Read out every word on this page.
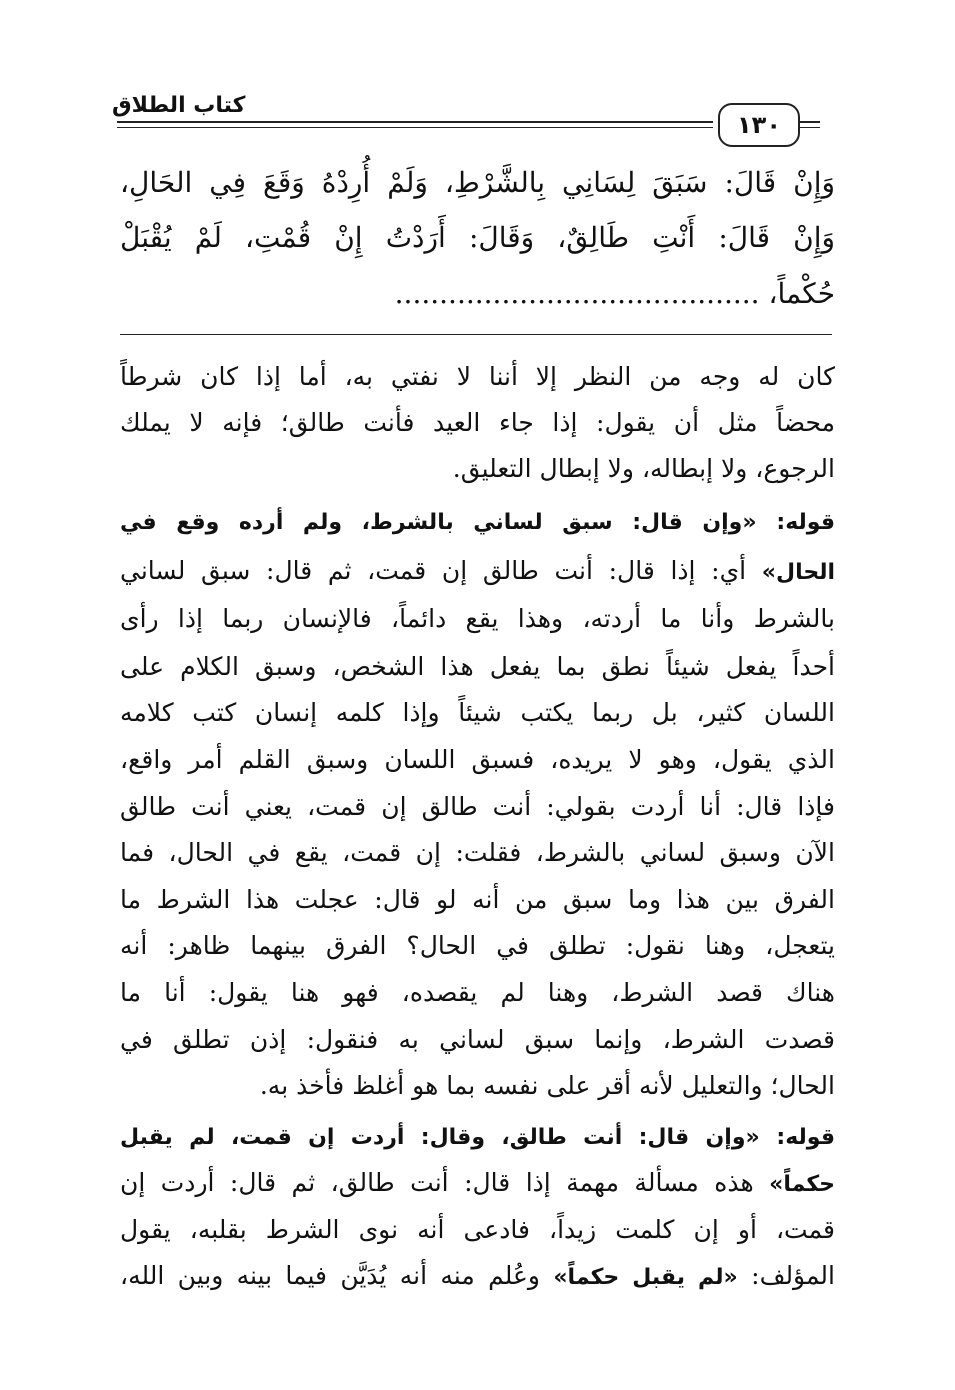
١٣٠
كتاب الطلاق
وَإِنْ قَالَ: سَبَقَ لِسَانِي بِالشَّرْطِ، وَلَمْ أُرِدْهُ وَقَعَ فِي الحَالِ،
وَإِنْ قَالَ: أَنْتِ طَالِقٌ، وَقَالَ: أَرَدْتُ إِنْ قُمْتِ، لَمْ يُقْبَلْ
حُكْماً، .........................................
كان له وجه من النظر إلا أننا لا نفتي به، أما إذا كان شرطاً
محضاً مثل أن يقول: إذا جاء العيد فأنت طالق؛ فإنه لا يملك
الرجوع، ولا إبطاله، ولا إبطال التعليق.
قوله: «وإن قال: سبق لساني بالشرط، ولم أرده وقع في
الحال» أي: إذا قال: أنت طالق إن قمت، ثم قال: سبق لساني
بالشرط وأنا ما أردته، وهذا يقع دائماً، فالإنسان ربما إذا رأى
أحداً يفعل شيئاً نطق بما يفعل هذا الشخص، وسبق الكلام على
اللسان كثير، بل ربما يكتب شيئاً وإذا كلمه إنسان كتب كلامه
الذي يقول، وهو لا يريده، فسبق اللسان وسبق القلم أمر واقع،
فإذا قال: أنا أردت بقولي: أنت طالق إن قمت، يعني أنت طالق
الآن وسبق لساني بالشرط، فقلت: إن قمت، يقع في الحال، فما
الفرق بين هذا وما سبق من أنه لو قال: عجلت هذا الشرط ما
يتعجل، وهنا نقول: تطلق في الحال؟ الفرق بينهما ظاهر: أنه
هناك قصد الشرط، وهنا لم يقصده، فهو هنا يقول: أنا ما
قصدت الشرط، وإنما سبق لساني به فنقول: إذن تطلق في
الحال؛ والتعليل لأنه أقر على نفسه بما هو أغلظ فأخذ به.
قوله: «وإن قال: أنت طالق، وقال: أردت إن قمت، لم يقبل
حكماً» هذه مسألة مهمة إذا قال: أنت طالق، ثم قال: أردت إن
قمت، أو إن كلمت زيداً، فادعى أنه نوى الشرط بقلبه، يقول
المؤلف: «لم يقبل حكماً» وعُلم منه أنه يُدَيَّن فيما بينه وبين الله،
